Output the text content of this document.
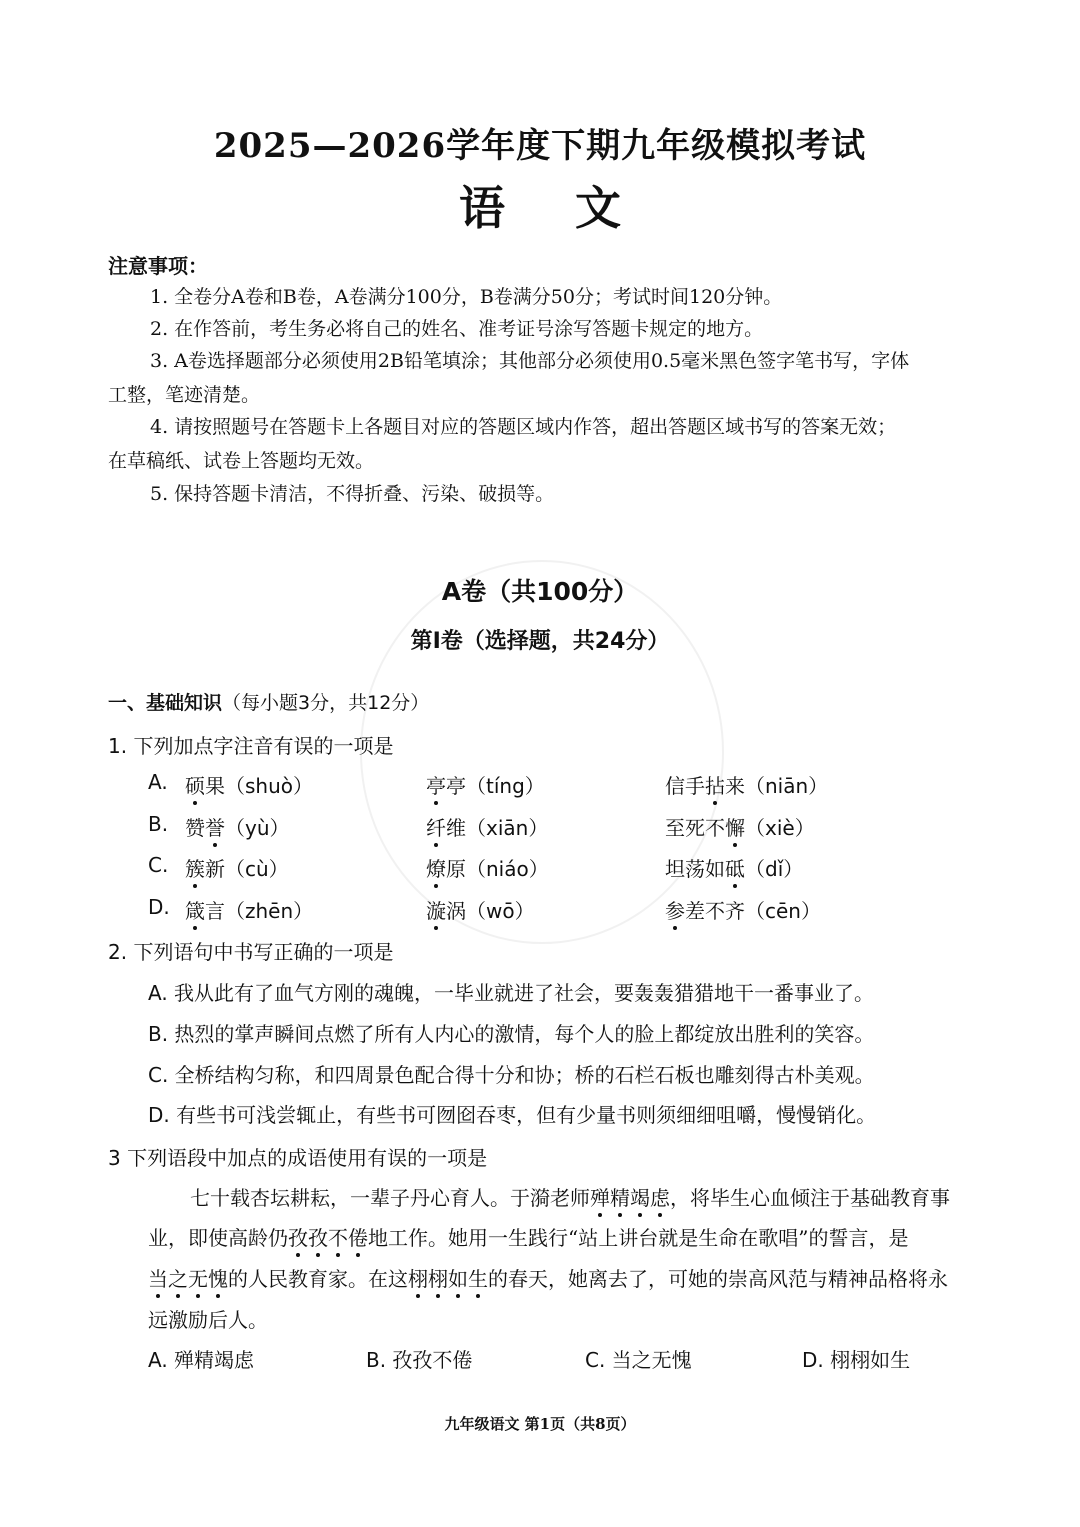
2025—2026学年度下期九年级模拟考试
语 文
注意事项：
1. 全卷分A卷和B卷，A卷满分100分，B卷满分50分；考试时间120分钟。
2. 在作答前，考生务必将自己的姓名、准考证号涂写答题卡规定的地方。
3. A卷选择题部分必须使用2B铅笔填涂；其他部分必须使用0.5毫米黑色签字笔书写，字体
工整，笔迹清楚。
4. 请按照题号在答题卡上各题目对应的答题区域内作答，超出答题区域书写的答案无效；
在草稿纸、试卷上答题均无效。
5. 保持答题卡清洁，不得折叠、污染、破损等。
A卷（共100分）
第Ⅰ卷（选择题，共24分）
一、基础知识（每小题3分，共12分）
1. 下列加点字注音有误的一项是
A. 硕果（shuò）	亭亭（tíng）	信手拈来（niān）
B. 赞誉（yù）	纤维（xiān）	至死不懈（xiè）
C. 簇新（cù）	燎原（niáo）	坦荡如砥（dǐ）
D. 箴言（zhēn）	漩涡（wō）	参差不齐（cēn）
2. 下列语句中书写正确的一项是
A. 我从此有了血气方刚的魂魄，一毕业就进了社会，要轰轰猎猎地干一番事业了。
B. 热烈的掌声瞬间点燃了所有人内心的激情，每个人的脸上都绽放出胜利的笑容。
C. 全桥结构匀称，和四周景色配合得十分和协；桥的石栏石板也雕刻得古朴美观。
D. 有些书可浅尝辄止，有些书可囫囵吞枣，但有少量书则须细细咀嚼，慢慢销化。
3 下列语段中加点的成语使用有误的一项是
七十载杏坛耕耘，一辈子丹心育人。于漪老师殚精竭虑，将毕生心血倾注于基础教育事
业，即使高龄仍孜孜不倦地工作。她用一生践行“站上讲台就是生命在歌唱”的誓言，是
当之无愧的人民教育家。在这栩栩如生的春天，她离去了，可她的崇高风范与精神品格将永
远激励后人。
A. 殚精竭虑	B. 孜孜不倦	C. 当之无愧	D. 栩栩如生
九年级语文 第1页（共8页）
